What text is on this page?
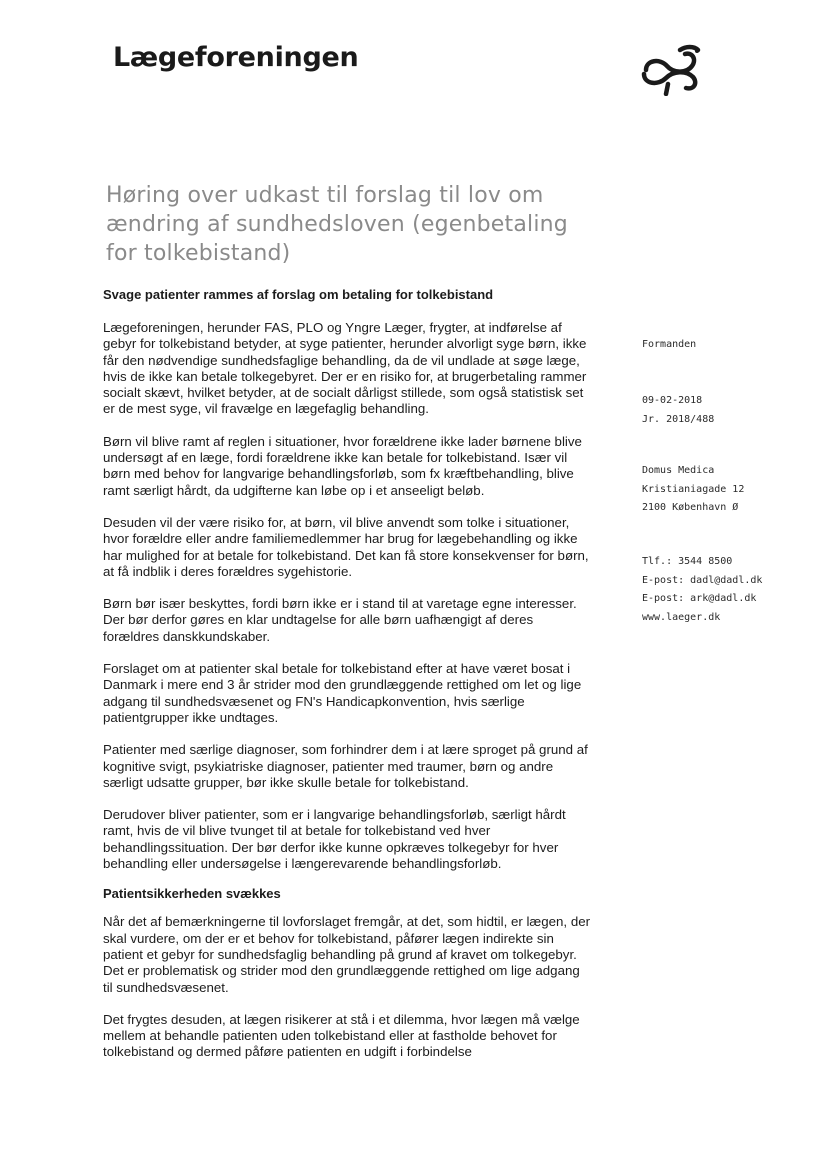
Lægeforeningen
Høring over udkast til forslag til lov om ændring af sundhedsloven (egenbetaling for tolkebistand)
Svage patienter rammes af forslag om betaling for tolkebistand

Lægeforeningen, herunder FAS, PLO og Yngre Læger, frygter, at indførelse af gebyr for tolkebistand betyder, at syge patienter, herunder alvorligt syge børn, ikke får den nødvendige sundhedsfaglige behandling, da de vil undlade at søge læge, hvis de ikke kan betale tolkegebyret. Der er en risiko for, at brugerbetaling rammer socialt skævt, hvilket betyder, at de socialt dårligst stillede, som også statistisk set er de mest syge, vil fravælge en lægefaglig behandling.

Børn vil blive ramt af reglen i situationer, hvor forældrene ikke lader børnene blive undersøgt af en læge, fordi forældrene ikke kan betale for tolkebistand. Især vil børn med behov for langvarige behandlingsforløb, som fx kræftbehandling, blive ramt særligt hårdt, da udgifterne kan løbe op i et anseeligt beløb.

Desuden vil der være risiko for, at børn, vil blive anvendt som tolke i situationer, hvor forældre eller andre familiemedlemmer har brug for lægebehandling og ikke har mulighed for at betale for tolkebistand. Det kan få store konsekvenser for børn, at få indblik i deres forældres sygehistorie.

Børn bør især beskyttes, fordi børn ikke er i stand til at varetage egne interesser. Der bør derfor gøres en klar undtagelse for alle børn uafhængigt af deres forældres danskkundskaber.

Forslaget om at patienter skal betale for tolkebistand efter at have været bosat i Danmark i mere end 3 år strider mod den grundlæggende rettighed om let og lige adgang til sundhedsvæsenet og FN's Handicapkonvention, hvis særlige patientgrupper ikke undtages.

Patienter med særlige diagnoser, som forhindrer dem i at lære sproget på grund af kognitive svigt, psykiatriske diagnoser, patienter med traumer, børn og andre særligt udsatte grupper, bør ikke skulle betale for tolkebistand.

Derudover bliver patienter, som er i langvarige behandlingsforløb, særligt hårdt ramt, hvis de vil blive tvunget til at betale for tolkebistand ved hver behandlingssituation. Der bør derfor ikke kunne opkræves tolkegebyr for hver behandling eller undersøgelse i længerevarende behandlingsforløb.

Patientsikkerheden svækkes

Når det af bemærkningerne til lovforslaget fremgår, at det, som hidtil, er lægen, der skal vurdere, om der er et behov for tolkebistand, påfører lægen indirekte sin patient et gebyr for sundhedsfaglig behandling på grund af kravet om tolkegebyr. Det er problematisk og strider mod den grundlæggende rettighed om lige adgang til sundhedsvæsenet.

Det frygtes desuden, at lægen risikerer at stå i et dilemma, hvor lægen må vælge mellem at behandle patienten uden tolkebistand eller at fastholde behovet for tolkebistand og dermed påføre patienten en udgift i forbindelse

Formanden
09-02-2018
Jr. 2018/488
Domus Medica
Kristianiagade 12
2100 København Ø
Tlf.: 3544 8500
E-post: dadl@dadl.dk
E-post: ark@dadl.dk
www.laeger.dk
